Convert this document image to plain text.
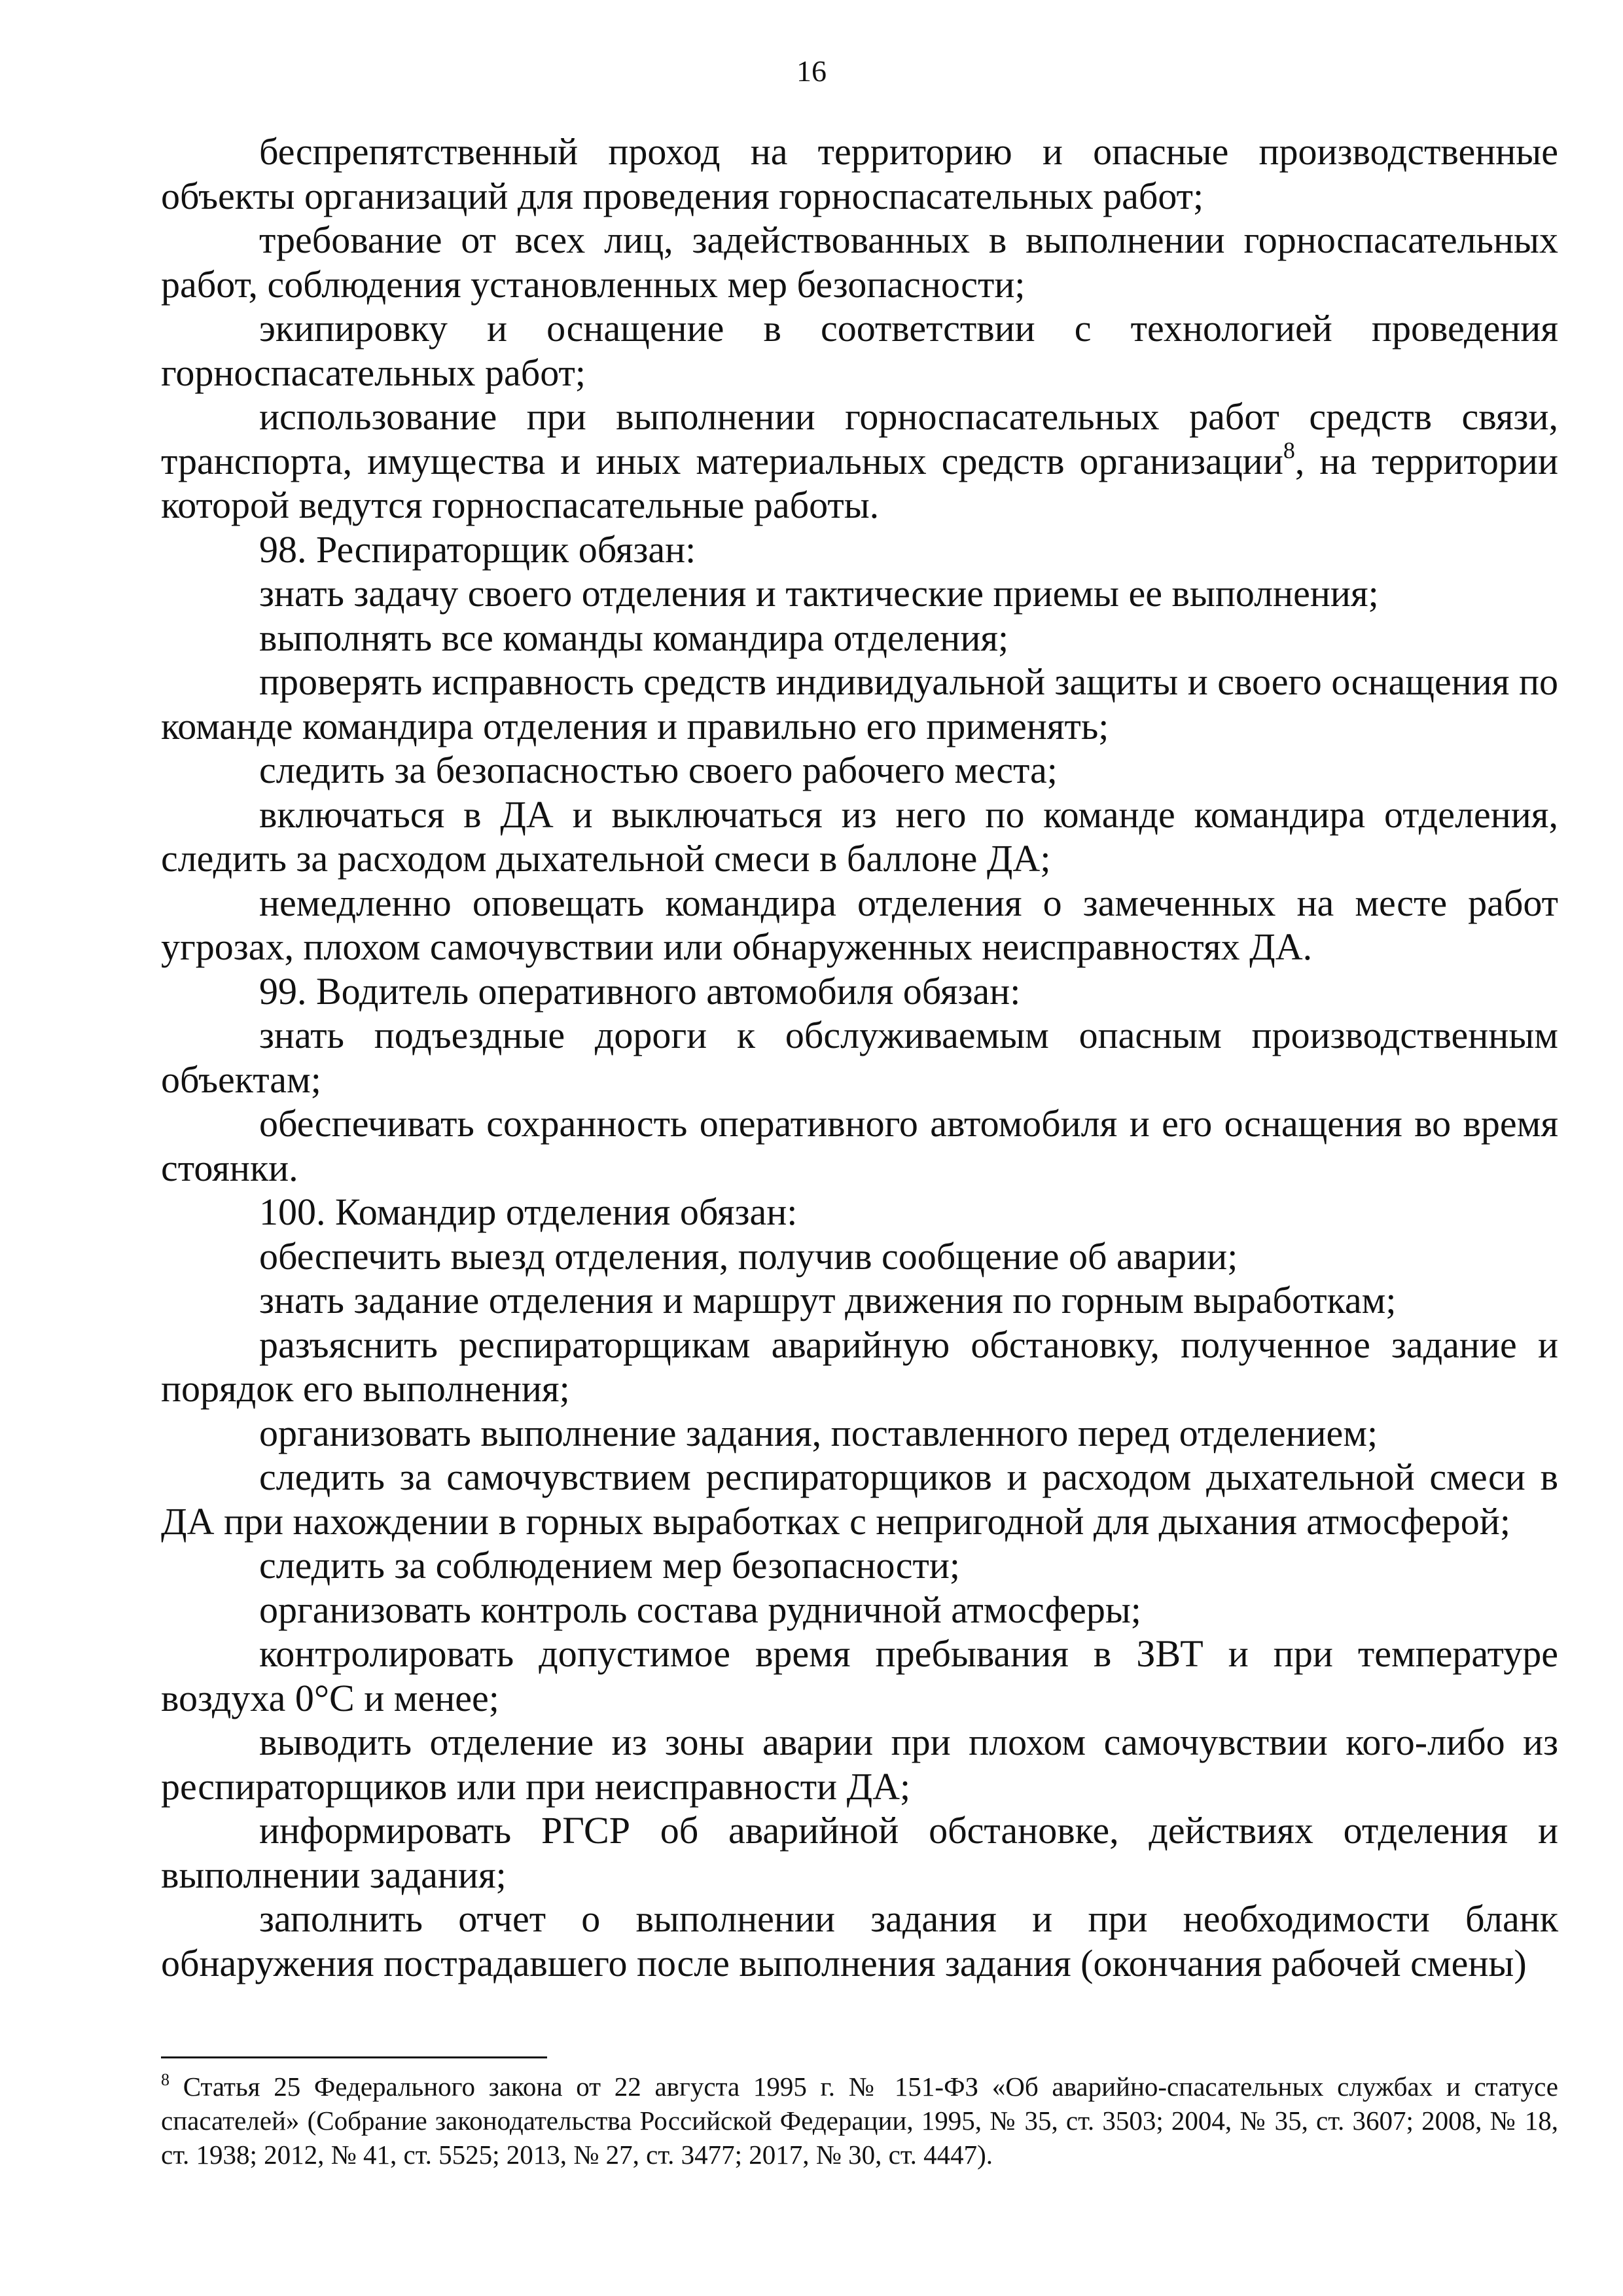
16

беспрепятственный проход на территорию и опасные производственные объекты организаций для проведения горноспасательных работ;

требование от всех лиц, задействованных в выполнении горноспасательных работ, соблюдения установленных мер безопасности;

экипировку и оснащение в соответствии с технологией проведения горноспасательных работ;

использование при выполнении горноспасательных работ средств связи, транспорта, имущества и иных материальных средств организации$^8$, на территории которой ведутся горноспасательные работы.

98. Респираторщик обязан:

знать задачу своего отделения и тактические приемы ее выполнения;

выполнять все команды командира отделения;

проверять исправность средств индивидуальной защиты и своего оснащения по команде командира отделения и правильно его применять;

следить за безопасностью своего рабочего места;

включаться в ДА и выключаться из него по команде командира отделения, следить за расходом дыхательной смеси в баллоне ДА;

немедленно оповещать командира отделения о замеченных на месте работ угрозах, плохом самочувствии или обнаруженных неисправностях ДА.

99. Водитель оперативного автомобиля обязан:

знать подъездные дороги к обслуживаемым опасным производственным объектам;

обеспечивать сохранность оперативного автомобиля и его оснащения во время стоянки.

100. Командир отделения обязан:

обеспечить выезд отделения, получив сообщение об аварии;

знать задание отделения и маршрут движения по горным выработкам;

разъяснить респираторщикам аварийную обстановку, полученное задание и порядок его выполнения;

организовать выполнение задания, поставленного перед отделением;

следить за самочувствием респираторщиков и расходом дыхательной смеси в ДА при нахождении в горных выработках с непригодной для дыхания атмосферой;

следить за соблюдением мер безопасности;

организовать контроль состава рудничной атмосферы;

контролировать допустимое время пребывания в ЗВТ и при температуре воздуха 0°С и менее;

выводить отделение из зоны аварии при плохом самочувствии кого-либо из респираторщиков или при неисправности ДА;

информировать РГСР об аварийной обстановке, действиях отделения и выполнении задания;

заполнить отчет о выполнении задания и при необходимости бланк обнаружения пострадавшего после выполнения задания (окончания рабочей смены)

$^8$ Статья 25 Федерального закона от 22 августа 1995 г. № 151-ФЗ «Об аварийно-спасательных службах и статусе спасателей» (Собрание законодательства Российской Федерации, 1995, № 35, ст. 3503; 2004, № 35, ст. 3607; 2008, № 18, ст. 1938; 2012, № 41, ст. 5525; 2013, № 27, ст. 3477; 2017, № 30, ст. 4447).
